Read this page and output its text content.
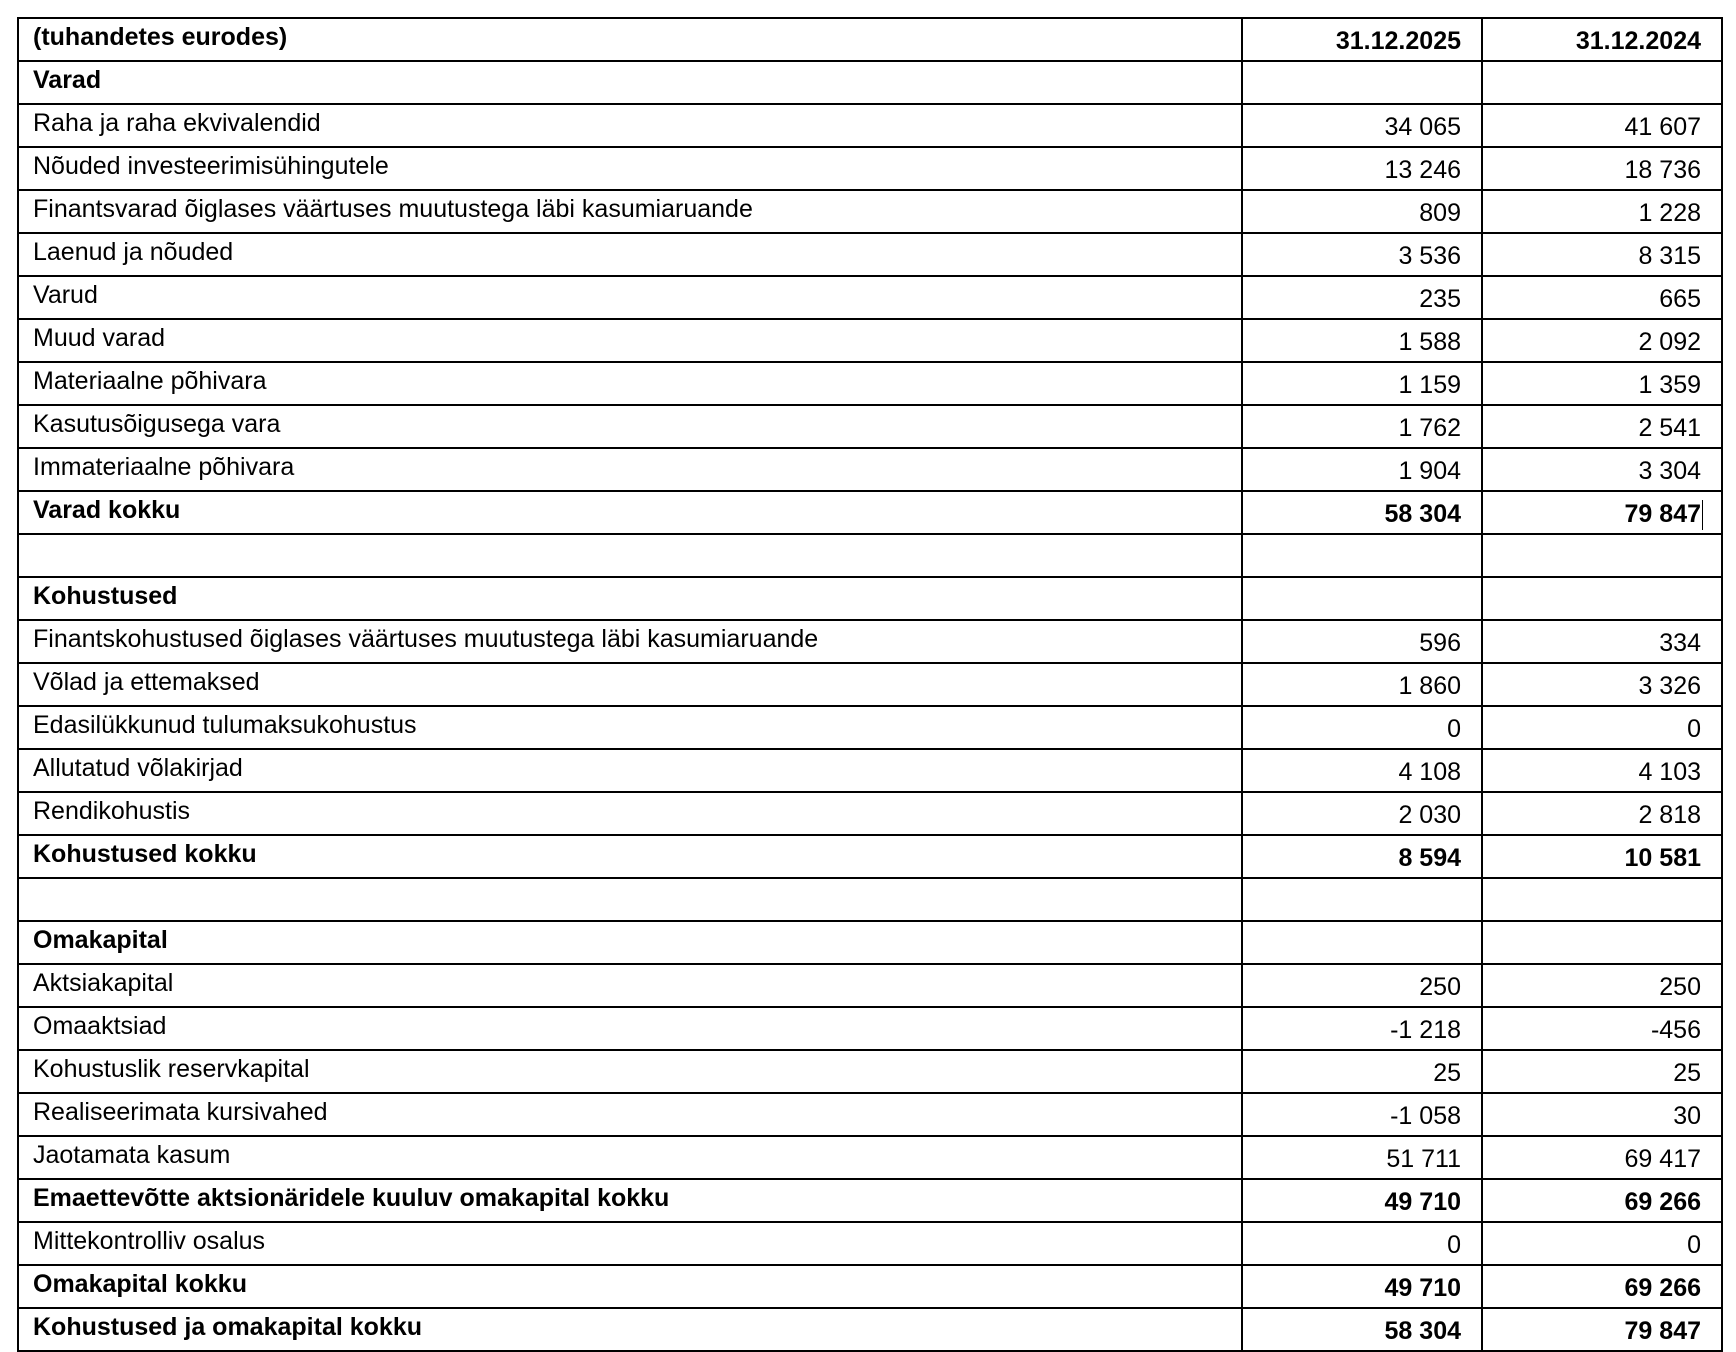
(tuhandetes eurodes)	31.12.2025	31.12.2024
Varad		
Raha ja raha ekvivalendid	34 065	41 607
Nõuded investeerimisühingutele	13 246	18 736
Finantsvarad õiglases väärtuses muutustega läbi kasumiaruande	809	1 228
Laenud ja nõuded	3 536	8 315
Varud	235	665
Muud varad	1 588	2 092
Materiaalne põhivara	1 159	1 359
Kasutusõigusega vara	1 762	2 541
Immateriaalne põhivara	1 904	3 304
Varad kokku	58 304	79 847

Kohustused		
Finantskohustused õiglases väärtuses muutustega läbi kasumiaruande	596	334
Võlad ja ettemaksed	1 860	3 326
Edasilükkunud tulumaksukohustus	0	0
Allutatud võlakirjad	4 108	4 103
Rendikohustis	2 030	2 818
Kohustused kokku	8 594	10 581

Omakapital		
Aktsiakapital	250	250
Omaaktsiad	-1 218	-456
Kohustuslik reservkapital	25	25
Realiseerimata kursivahed	-1 058	30
Jaotamata kasum	51 711	69 417
Emaettevõtte aktsionäridele kuuluv omakapital kokku	49 710	69 266
Mittekontrolliv osalus	0	0
Omakapital kokku	49 710	69 266
Kohustused ja omakapital kokku	58 304	79 847
